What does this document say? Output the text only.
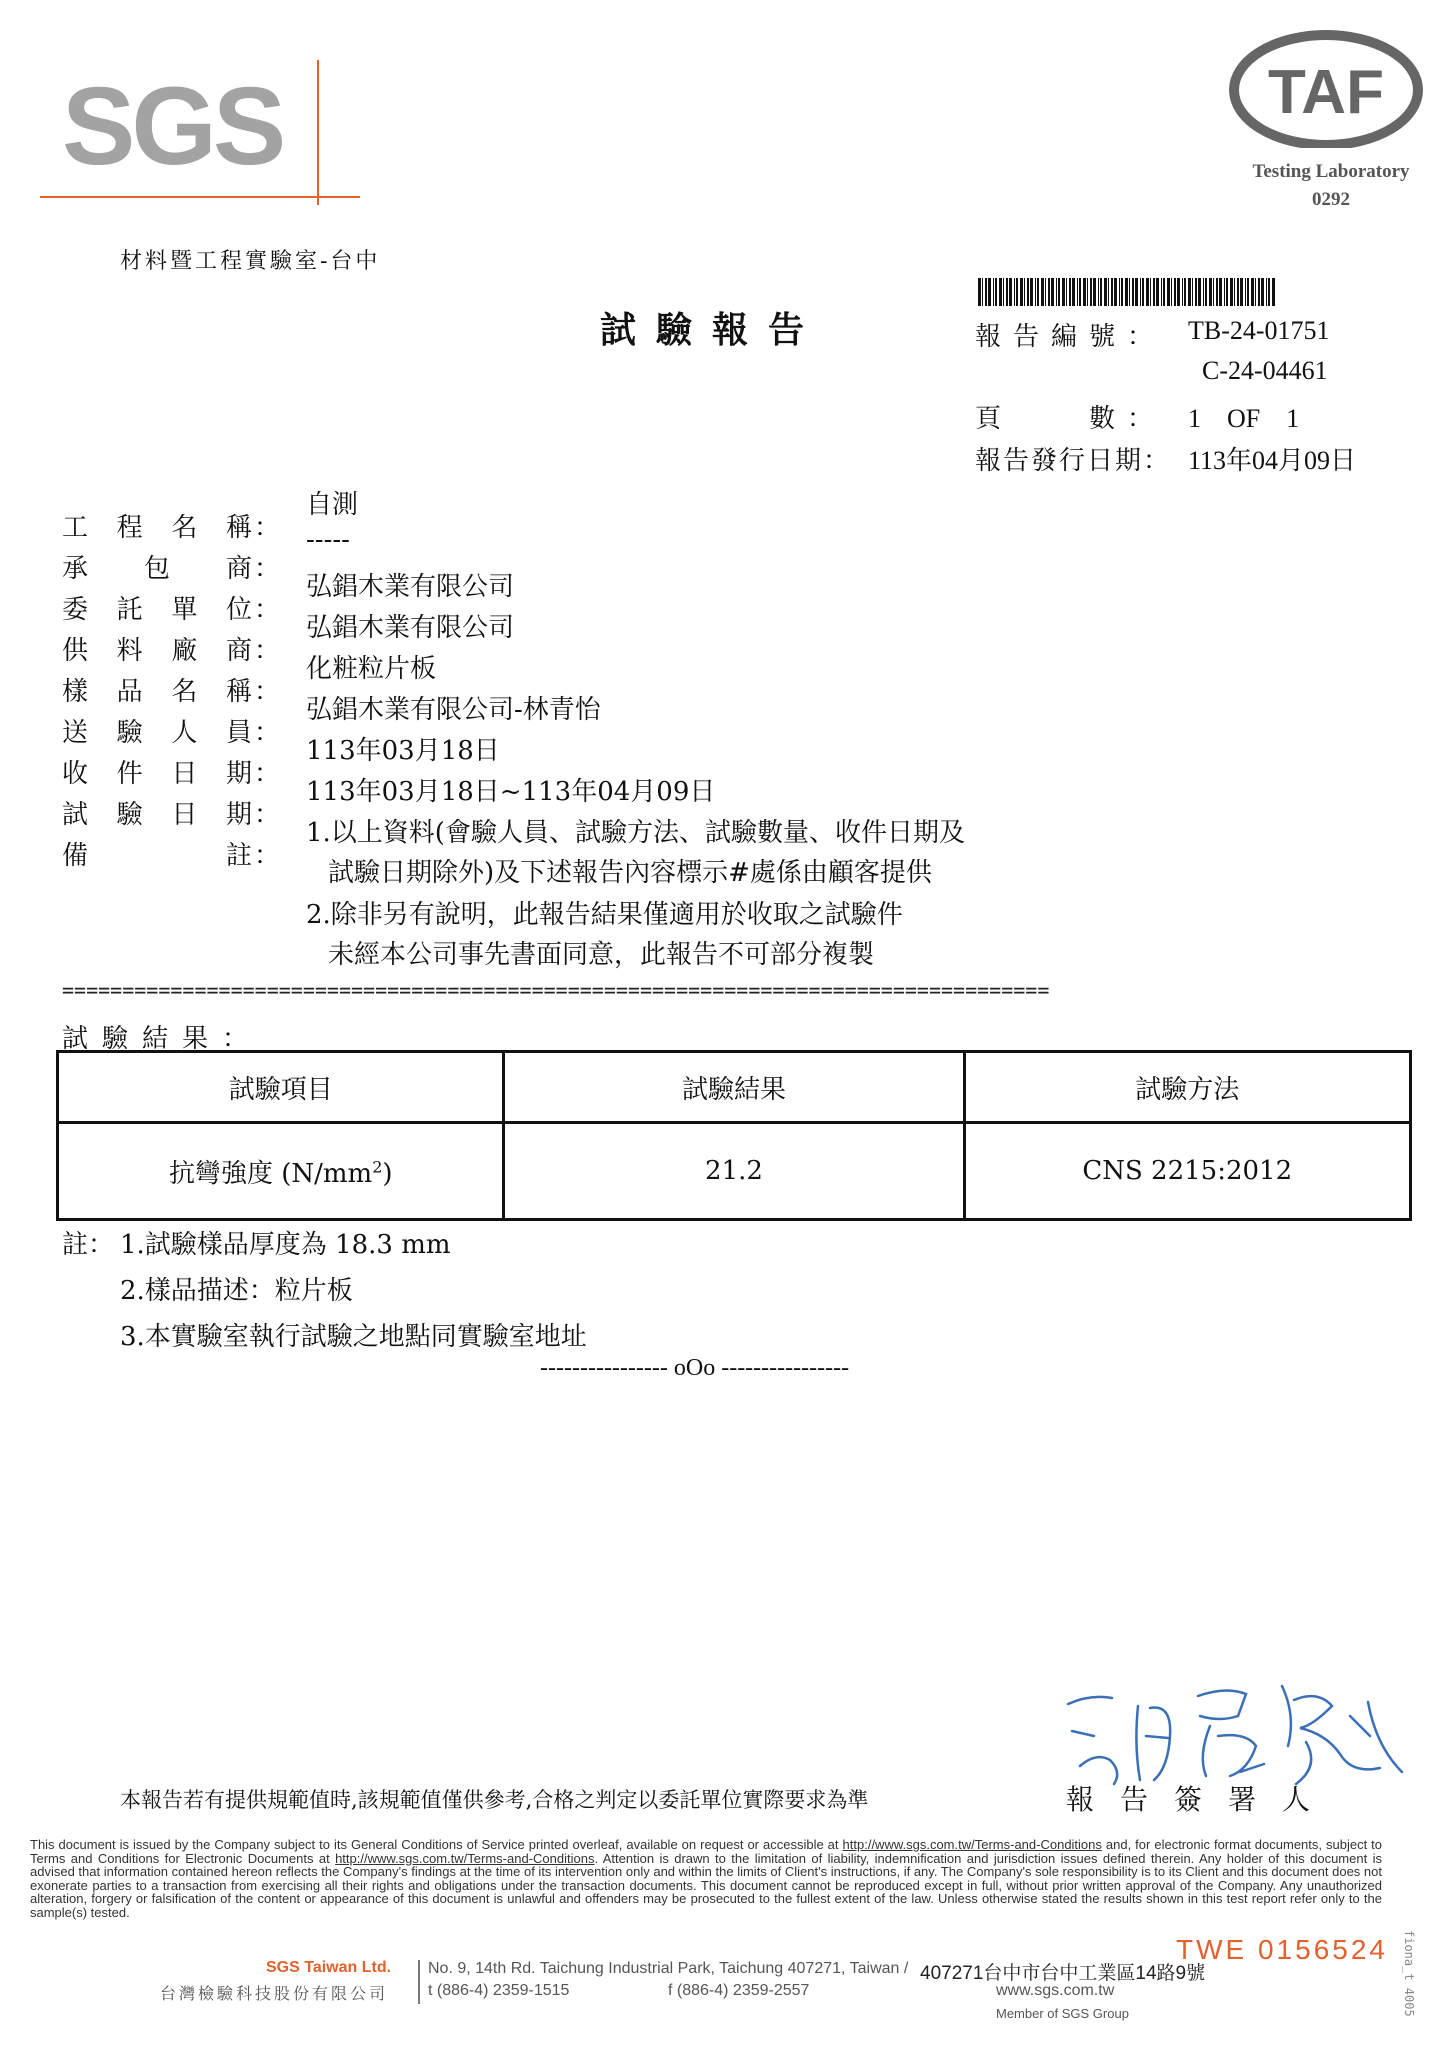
SGS
材料暨工程實驗室-台中
TAF
Testing Laboratory
0292
試驗報告	報告編號： TB-24-01751
C-24-04461
頁　　數： 1　OF　1
報告發行日期： 113年04月09日
工 程 名 稱 ：
自測
承 包 商 ：
-----
委 託 單 位 ：
弘錩木業有限公司
供 料 廠 商 ：
弘錩木業有限公司
樣 品 名 稱 ：
化粧粒片板
送 驗 人 員 ：
弘錩木業有限公司-林青怡
收 件 日 期 ：
113年03月18日
試 驗 日 期 ：
113年03月18日~113年04月09日
備	註 ：
1.以上資料(會驗人員、試驗方法、試驗數量、收件日期及
試驗日期除外)及下述報告內容標示#處係由顧客提供
2.除非另有說明，此報告結果僅適用於收取之試驗件
未經本公司事先書面同意，此報告不可部分複製
==================================================================================
試驗結果：
試驗項目	試驗結果	試驗方法
抗彎強度 $(N/mm^2)$	21.2	CNS 2215:2012
註： 1.試驗樣品厚度為 18.3 mm
2.樣品描述：粒片板
3.本實驗室執行試驗之地點同實驗室地址
---------------- oOo ----------------
本報告若有提供規範值時,該規範值僅供參考,合格之判定以委託單位實際要求為準	報告簽署人
This document is issued by the Company subject to its General Conditions of Service printed overleaf, available on request or accessible at http://www.sgs.com.tw/Terms-and-Conditions and, for electronic format documents, subject to Terms and Conditions for Electronic Documents at http://www.sgs.com.tw/Terms-and-Conditions. Attention is drawn to the limitation of liability, indemnification and jurisdiction issues defined therein. Any holder of this document is advised that information contained hereon reflects the Company's findings at the time of its intervention only and within the limits of Client's instructions, if any. The Company's sole responsibility is to its Client and this document does not exonerate parties to a transaction from exercising all their rights and obligations under the transaction documents. This document cannot be reproduced except in full, without prior written approval of the Company. Any unauthorized alteration, forgery or falsification of the content or appearance of this document is unlawful and offenders may be prosecuted to the fullest extent of the law. Unless otherwise stated the results shown in this test report refer only to the sample(s) tested.
SGS Taiwan Ltd.
台灣檢驗科技股份有限公司
No. 9, 14th Rd. Taichung Industrial Park, Taichung 407271, Taiwan / 407271台中市台中工業區14路9號
t (886-4) 2359-1515	f (886-4) 2359-2557	www.sgs.com.tw
Member of SGS Group
TWE 0156524 fiona_t 4005
